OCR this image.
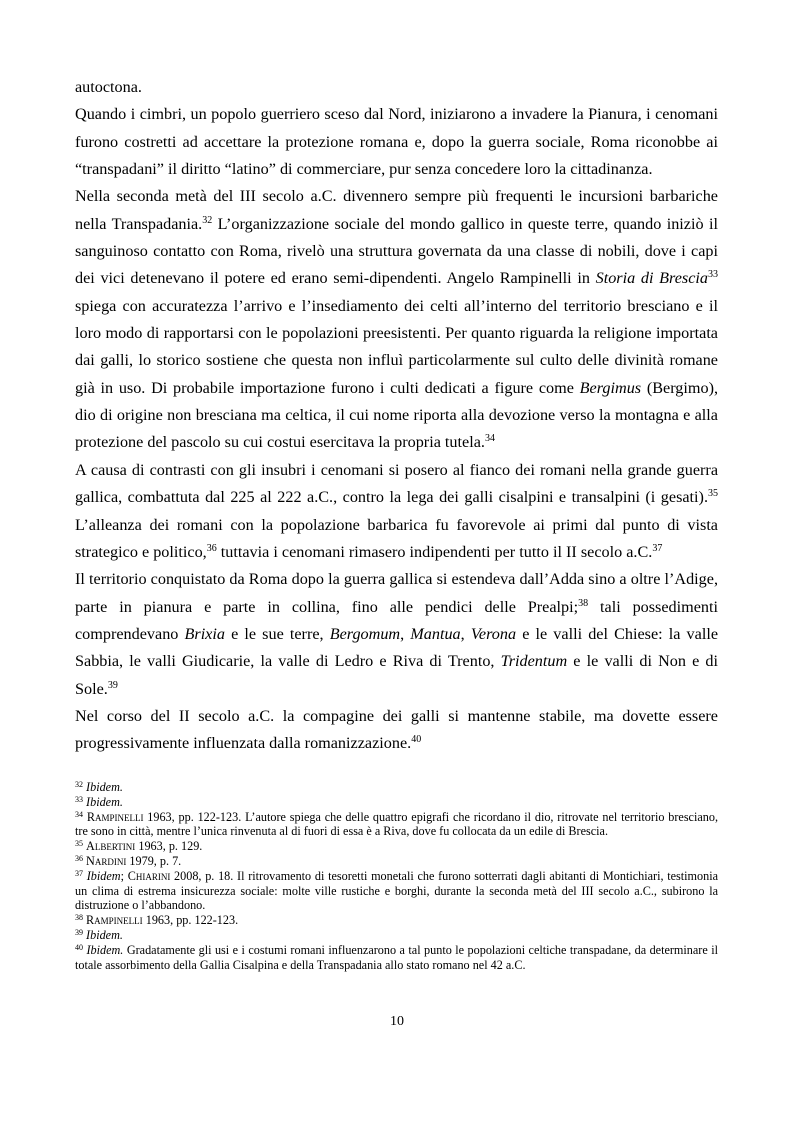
autoctona.

Quando i cimbri, un popolo guerriero sceso dal Nord, iniziarono a invadere la Pianura, i cenomani furono costretti ad accettare la protezione romana e, dopo la guerra sociale, Roma riconobbe ai “transpadani” il diritto “latino” di commerciare, pur senza concedere loro la cittadinanza.

Nella seconda metà del III secolo a.C. divennero sempre più frequenti le incursioni barbariche nella Transpadania.$^{32}$ L’organizzazione sociale del mondo gallico in queste terre, quando iniziò il sanguinoso contatto con Roma, rivelò una struttura governata da una classe di nobili, dove i capi dei vici detenevano il potere ed erano semi-dipendenti. Angelo Rampinelli in Storia di Brescia$^{33}$ spiega con accuratezza l’arrivo e l’insediamento dei celti all’interno del territorio bresciano e il loro modo di rapportarsi con le popolazioni preesistenti. Per quanto riguarda la religione importata dai galli, lo storico sostiene che questa non influì particolarmente sul culto delle divinità romane già in uso. Di probabile importazione furono i culti dedicati a figure come Bergimus (Bergimo), dio di origine non bresciana ma celtica, il cui nome riporta alla devozione verso la montagna e alla protezione del pascolo su cui costui esercitava la propria tutela.$^{34}$

A causa di contrasti con gli insubri i cenomani si posero al fianco dei romani nella grande guerra gallica, combattuta dal 225 al 222 a.C., contro la lega dei galli cisalpini e transalpini (i gesati).$^{35}$ L’alleanza dei romani con la popolazione barbarica fu favorevole ai primi dal punto di vista strategico e politico,$^{36}$ tuttavia i cenomani rimasero indipendenti per tutto il II secolo a.C.$^{37}$

Il territorio conquistato da Roma dopo la guerra gallica si estendeva dall’Adda sino a oltre l’Adige, parte in pianura e parte in collina, fino alle pendici delle Prealpi;$^{38}$ tali possedimenti comprendevano Brixia e le sue terre, Bergomum, Mantua, Verona e le valli del Chiese: la valle Sabbia, le valli Giudicarie, la valle di Ledro e Riva di Trento, Tridentum e le valli di Non e di Sole.$^{39}$

Nel corso del II secolo a.C. la compagine dei galli si mantenne stabile, ma dovette essere progressivamente influenzata dalla romanizzazione.$^{40}$

$^{32}$ Ibidem.

$^{33}$ Ibidem.

$^{34}$ Rampinelli 1963, pp. 122-123. L’autore spiega che delle quattro epigrafi che ricordano il dio, ritrovate nel territorio bresciano, tre sono in città, mentre l’unica rinvenuta al di fuori di essa è a Riva, dove fu collocata da un edile di Brescia.

$^{35}$ Albertini 1963, p. 129.

$^{36}$ Nardini 1979, p. 7.

$^{37}$ Ibidem; Chiarini 2008, p. 18. Il ritrovamento di tesoretti monetali che furono sotterrati dagli abitanti di Montichiari, testimonia un clima di estrema insicurezza sociale: molte ville rustiche e borghi, durante la seconda metà del III secolo a.C., subirono la distruzione o l’abbandono.

$^{38}$ Rampinelli 1963, pp. 122-123.

$^{39}$ Ibidem.

$^{40}$ Ibidem. Gradatamente gli usi e i costumi romani influenzarono a tal punto le popolazioni celtiche transpadane, da determinare il totale assorbimento della Gallia Cisalpina e della Transpadania allo stato romano nel 42 a.C.

10
